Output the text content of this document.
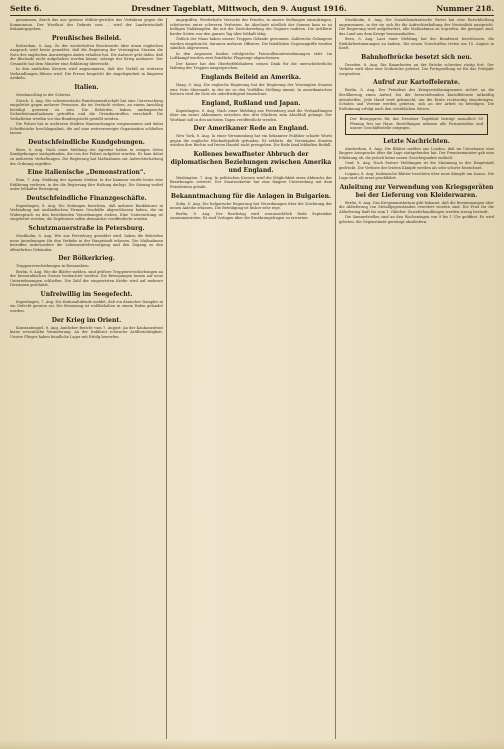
Seite 6.	Dresdner Tageblatt, Mittwoch, den 9. August 1916.	Nummer 218.
genommen, durch das aus gewisse Militär-gerichte das Verfahren gegen die Kommission. Der Wortlaut des Dekrets vom ... wird der Landwirtschaft bekanntgegeben.
Preußisches Beileid.
Rotterdam, 8. Aug. Zu der wiederholten Beschwerde über einen englischen Anspruch wird heute gemeldet, daß die Regierung der Vereinigten Staaten die Note des englischen Auswärtigen Amtes erhalten hat. Die Antwort geht dahin, daß die Blockade nicht aufgehoben werden könne, solange der Krieg andauere. Der Gesandte hat dem Minister eine Erklärung überreicht.
In den amtlichen Kreisen wird angenommen, daß der Vorfall zu weiteren Verhandlungen führen wird. Die Presse bespricht die Angelegenheit in längeren Artikeln.
Italien.
Mordanschlag in der Schweiz.
Zürich, 8. Aug. Die schweizerische Bundesanwaltschaft hat eine Untersuchung eingeleitet gegen mehrere Personen, die im Verdacht stehen, an einem Anschlag beteiligt gewesen zu sein. Die Behörden haben umfangreiche Sicherheitsmaßnahmen getroffen und die Grenzkontrollen verschärft. Die Verhafteten werden vor das Bundesgericht gestellt werden.
Die Polizei hat in mehreren Städten Haussuchungen vorgenommen und dabei Schriftstücke beschlagnahmt, die auf eine weitverzweigte Organisation schließen lassen.
Deutschfeindliche Kundgebungen.
Bern, 8. Aug. Nach einer Meldung der Agentur haben in einigen Orten Kundgebungen stattgefunden, die von der Polizei aufgelöst wurden. Es kam dabei zu mehreren Verhaftungen. Die Regierung hat Maßnahmen zur Aufrechterhaltung der Ordnung ergriffen.
Eine italienische „Demonstration“.
Rom, 7. Aug. Meldung der Agenzia Stefani. In der Kammer wurde heute eine Erklärung verlesen, in der die Regierung ihre Haltung darlegt. Die Sitzung verlief unter lebhafter Bewegung.
Deutschfeindliche Finanzgeschäfte.
Kopenhagen, 8. Aug. Die Zeitungen berichten, daß mehrere Bankhäuser in Verbindung mit ausländischen Firmen Geschäfte abgeschlossen haben, die im Widerspruch zu den bestehenden Verordnungen stehen. Eine Untersuchung ist eingeleitet worden; die Ergebnisse sollen demnächst veröffentlicht werden.
Schutzmauerstraße in Petersburg.
Stockholm, 8. Aug. Wie aus Petersburg gemeldet wird, haben die Behörden neue Anordnungen für den Verkehr in der Hauptstadt erlassen. Die Maßnahmen betreffen insbesondere die Lebensmittelversorgung und den Zugang zu den öffentlichen Gebäuden.
Der Bölkerkrieg.
Truppenverschiebungen in Bessarabien.
Berlin, 8. Aug. Wie die Blätter melden, sind größere Truppenverschiebungen an der bessarabischen Grenze beobachtet worden. Die Bewegungen lassen auf neue Unternehmungen schließen. Die Zahl der eingesetzten Kräfte wird auf mehrere Divisionen geschätzt.
Unfreiwillig im Seegefecht.
Kopenhagen, 7. Aug. Die Rationaltidende meldet, daß ein dänischer Dampfer in ein Gefecht geraten sei. Die Besatzung ist wohlbehalten in einem Hafen gelandet worden.
Der Krieg im Orient.
Konstantinopel, 8. Aug. Amtlicher Bericht vom 7. August: An der Kaukasusfront keine wesentliche Veränderung. An der Irakfront schwache Artillerietätigkeit. Unsere Flieger haben feindliche Lager mit Erfolg beworfen.
angegriffen. Wiederholte Versuche des Feindes, in unsere Stellungen einzudringen, scheiterten unter schweren Verlusten. Im Abschnitt nördlich der Somme kam es zu heftigen Nahkämpfen, die mit der Zurückwerfung des Gegners endeten. Die Artillerie beider Seiten war den ganzen Tag über lebhaft tätig.
Östlich der Maas haben unsere Truppen Gelände gewonnen. Zahlreiche Gefangene wurden eingebracht, darunter mehrere Offiziere. Die feindlichen Gegenangriffe wurden sämtlich abgewiesen.
In den Argonnen fanden erfolgreiche Patrouillenunternehmungen statt. Im Luftkampf wurden zwei feindliche Flugzeuge abgeschossen.
Der Kaiser hat den Oberbefehlshabern seinen Dank für die unerschütterliche Haltung der Truppen ausgesprochen.
Englands Beileid an Amerika.
Haag, 8. Aug. Die englische Regierung hat der Regierung der Vereinigten Staaten eine Note übersandt, in der sie zu den Vorfällen Stellung nimmt. In amerikanischen Kreisen wird die Note als unbefriedigend bezeichnet.
England, Rußland und Japan.
Kopenhagen, 8. Aug. Nach einer Meldung aus Petersburg sind die Verhandlungen über ein neues Abkommen zwischen den drei Mächten zum Abschluß gelangt. Der Wortlaut soll in den nächsten Tagen veröffentlicht werden.
Der Amerikaner Rede an England.
New York, 8. Aug. In einer Versammlung hat ein bekannter Politiker scharfe Worte gegen die englische Blockadepolitik gefunden. Er erklärte, die Vereinigten Staaten würden ihre Rechte auf freien Handel nicht preisgeben. Die Rede fand lebhaften Beifall.
Kollenes bewaffneter Abbruch der diplomatischen Beziehungen zwischen Amerika und England.
Washington, 7. Aug. In politischen Kreisen wird die Möglichkeit eines Abbruchs der Beziehungen erörtert. Der Staatssekretär hat eine längere Unterredung mit dem Präsidenten gehabt.
Bekanntmachung für die Anlagen in Bulgarien.
Sofia, 8. Aug. Die bulgarische Regierung hat Verordnungen über die Zeichnung der neuen Anleihe erlassen. Die Beteiligung ist bisher sehr rege.
Berlin, 8. Aug. Der Reichstag wird voraussichtlich Ende September zusammentreten. Es sind Vorlagen über die Ernährungsfragen zu erwarten.
Stockholm, 8. Aug. Die Sozialdemokratische Partei hat eine Entschließung angenommen, in der sie sich für die Aufrechterhaltung der Neutralität ausspricht. Die Regierung wird aufgefordert, alle Maßnahmen zu ergreifen, die geeignet sind, das Land aus dem Kriege herauszuhalten.
Bern, 8. Aug. Laut einer Meldung hat der Bundesrat beschlossen, die Einfuhrbestimmungen zu ändern. Die neuen Vorschriften treten am 15. August in Kraft.
Bahnhofbrücke besetzt sich neu.
Dresden, 8. Aug. Die Bauarbeiten an der Brücke schreiten rüstig fort. Der Verkehr wird über eine Notbrücke geleitet. Die Fertigstellung ist für das Frühjahr vorgesehen.
Aufruf zur Kartoffelernte.
Berlin, 8. Aug. Der Präsident des Kriegsernährungsamtes richtet an die Bevölkerung einen Aufruf, bei der bevorstehenden Kartoffelernte tatkräftig mitzuhelfen. Jede Hand wird gebraucht, um die Ernte rechtzeitig einzubringen. Schulen und Vereine werden gebeten, sich an der Arbeit zu beteiligen. Die Entlohnung erfolgt nach den ortsüblichen Sätzen.
Der Bezugspreis für das Dresdner Tageblatt beträgt monatlich 80 Pfennig frei ins Haus. Bestellungen nehmen alle Postanstalten und unsere Geschäftsstelle entgegen.
Letzte Nachrichten.
Amsterdam, 8. Aug. Die Blätter melden aus London, daß im Unterhause eine längere Aussprache über die Lage stattgefunden hat. Der Premierminister gab eine Erklärung ab, die jedoch keine neuen Gesichtspunkte enthielt.
Genf, 8. Aug. Nach Pariser Meldungen ist die Stimmung in der Hauptstadt gedrückt. Die Verluste der letzten Kämpfe werden als sehr schwer bezeichnet.
Lugano, 8. Aug. Italienische Blätter berichten über neue Kämpfe am Isonzo. Die Lage wird als ernst geschildert.
Anleitung zur Verwendung von Kriegsgeräten bei der Lieferung von Kleiderwaren.
Berlin, 8. Aug. Das Kriegsministerium gibt bekannt, daß die Bestimmungen über die Ablieferung von Metallgegenständen erweitert worden sind. Die Frist für die Ablieferung läuft bis zum 1. Oktober. Zuwiderhandlungen werden streng bestraft.
Die Sammelstellen sind an den Wochentagen von 9 bis 1 Uhr geöffnet. Es wird gebeten, die Gegenstände gereinigt abzuliefern.
